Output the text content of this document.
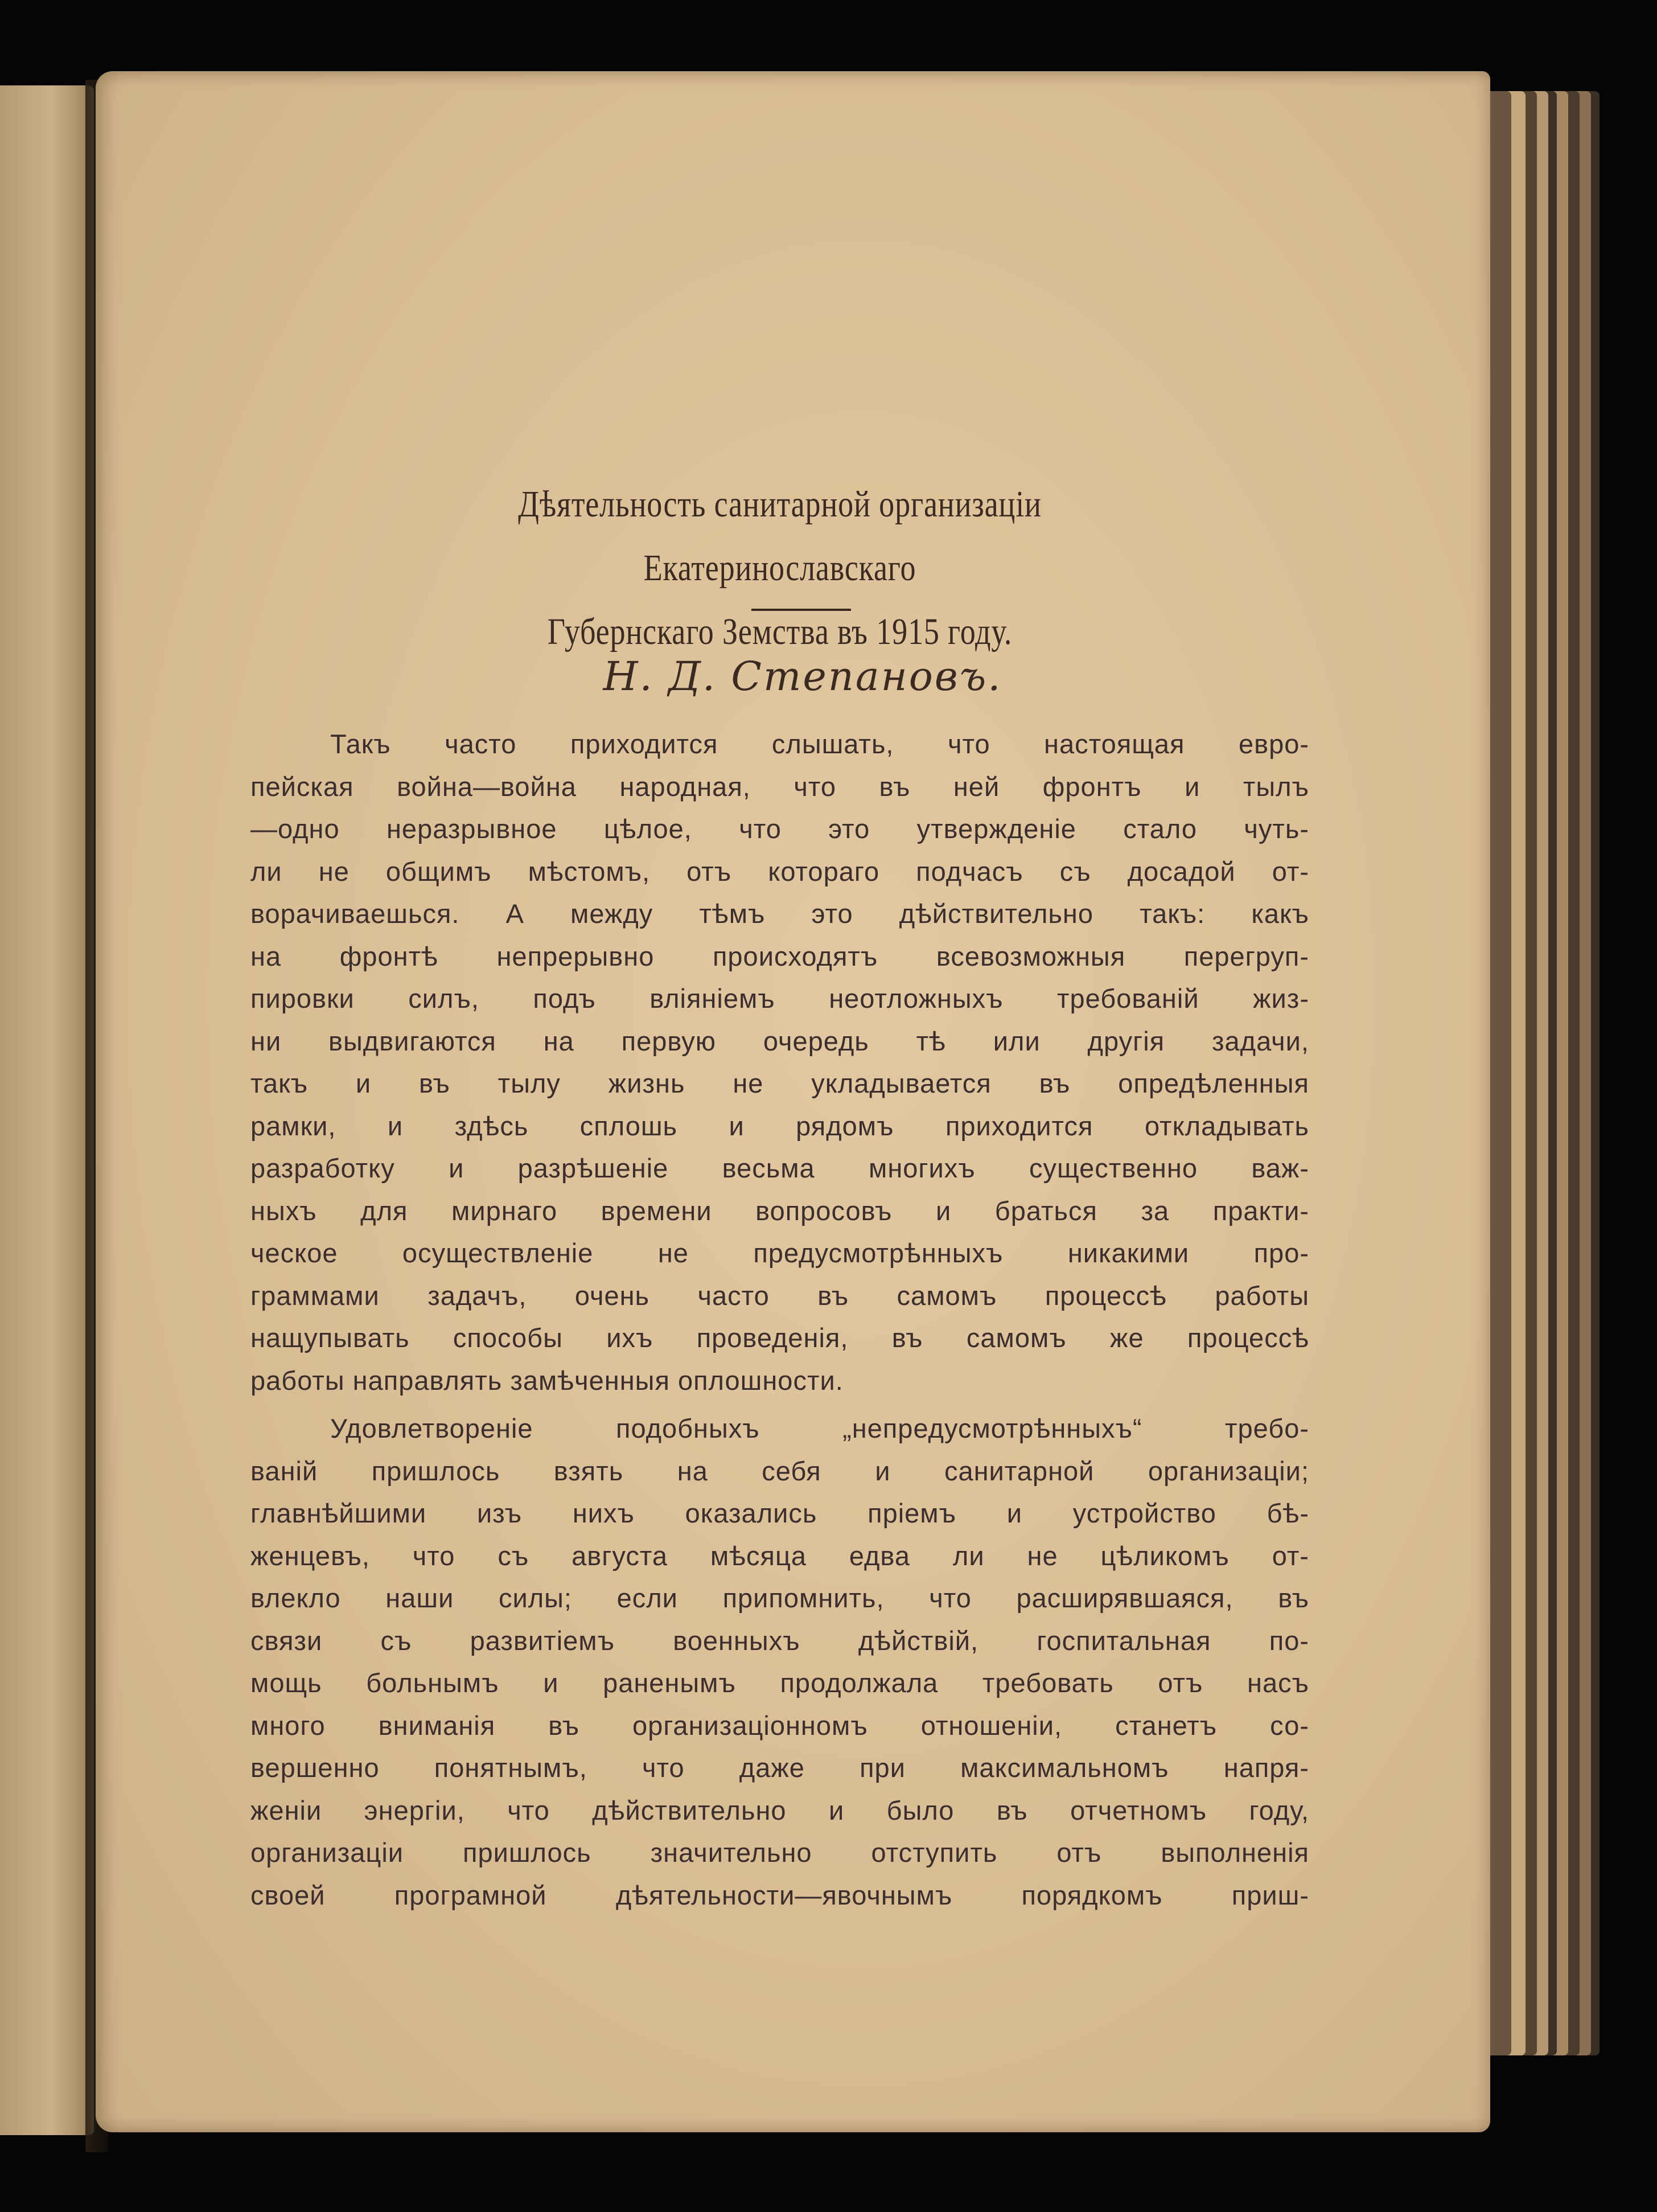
Дѣятельность санитарной организацiи Екатеринославскаго
Губернскаго Земства въ 1915 году.
Н. Д. Степановъ.
Такъ часто приходится слышать, что настоящая евро-
пейская война—война народная, что въ ней фронтъ и тылъ
—одно неразрывное цѣлое, что это утвержденiе стало чуть-
ли не общимъ мѣстомъ, отъ котораго подчасъ съ досадой от-
ворачиваешься. А между тѣмъ это дѣйствительно такъ: какъ
на фронтѣ непрерывно происходятъ всевозможныя перегруп-
пировки силъ, подъ влiянiемъ неотложныхъ требованiй жиз-
ни выдвигаются на первую очередь тѣ или другiя задачи,
такъ и въ тылу жизнь не укладывается въ опредѣленныя
рамки, и здѣсь сплошь и рядомъ приходится откладывать
разработку и разрѣшенiе весьма многихъ существенно важ-
ныхъ для мирнаго времени вопросовъ и браться за практи-
ческое осуществленiе не предусмотрѣнныхъ никакими про-
граммами задачъ, очень часто въ самомъ процессѣ работы
нащупывать способы ихъ проведенiя, въ самомъ же процессѣ
работы направлять замѣченныя оплошности.
Удовлетворенiе подобныхъ „непредусмотрѣнныхъ“ требо-
ванiй пришлось взять на себя и санитарной организацiи;
главнѣйшими изъ нихъ оказались прiемъ и устройство бѣ-
женцевъ, что съ августа мѣсяца едва ли не цѣликомъ от-
влекло наши силы; если припомнить, что расширявшаяся, въ
связи съ развитiемъ военныхъ дѣйствiй, госпитальная по-
мощь больнымъ и раненымъ продолжала требовать отъ насъ
много вниманiя въ организацiонномъ отношенiи, станетъ со-
вершенно понятнымъ, что даже при максимальномъ напря-
женiи энергiи, что дѣйствительно и было въ отчетномъ году,
организацiи пришлось значительно отступить отъ выполненiя
своей програмной дѣятельности—явочнымъ порядкомъ приш-
